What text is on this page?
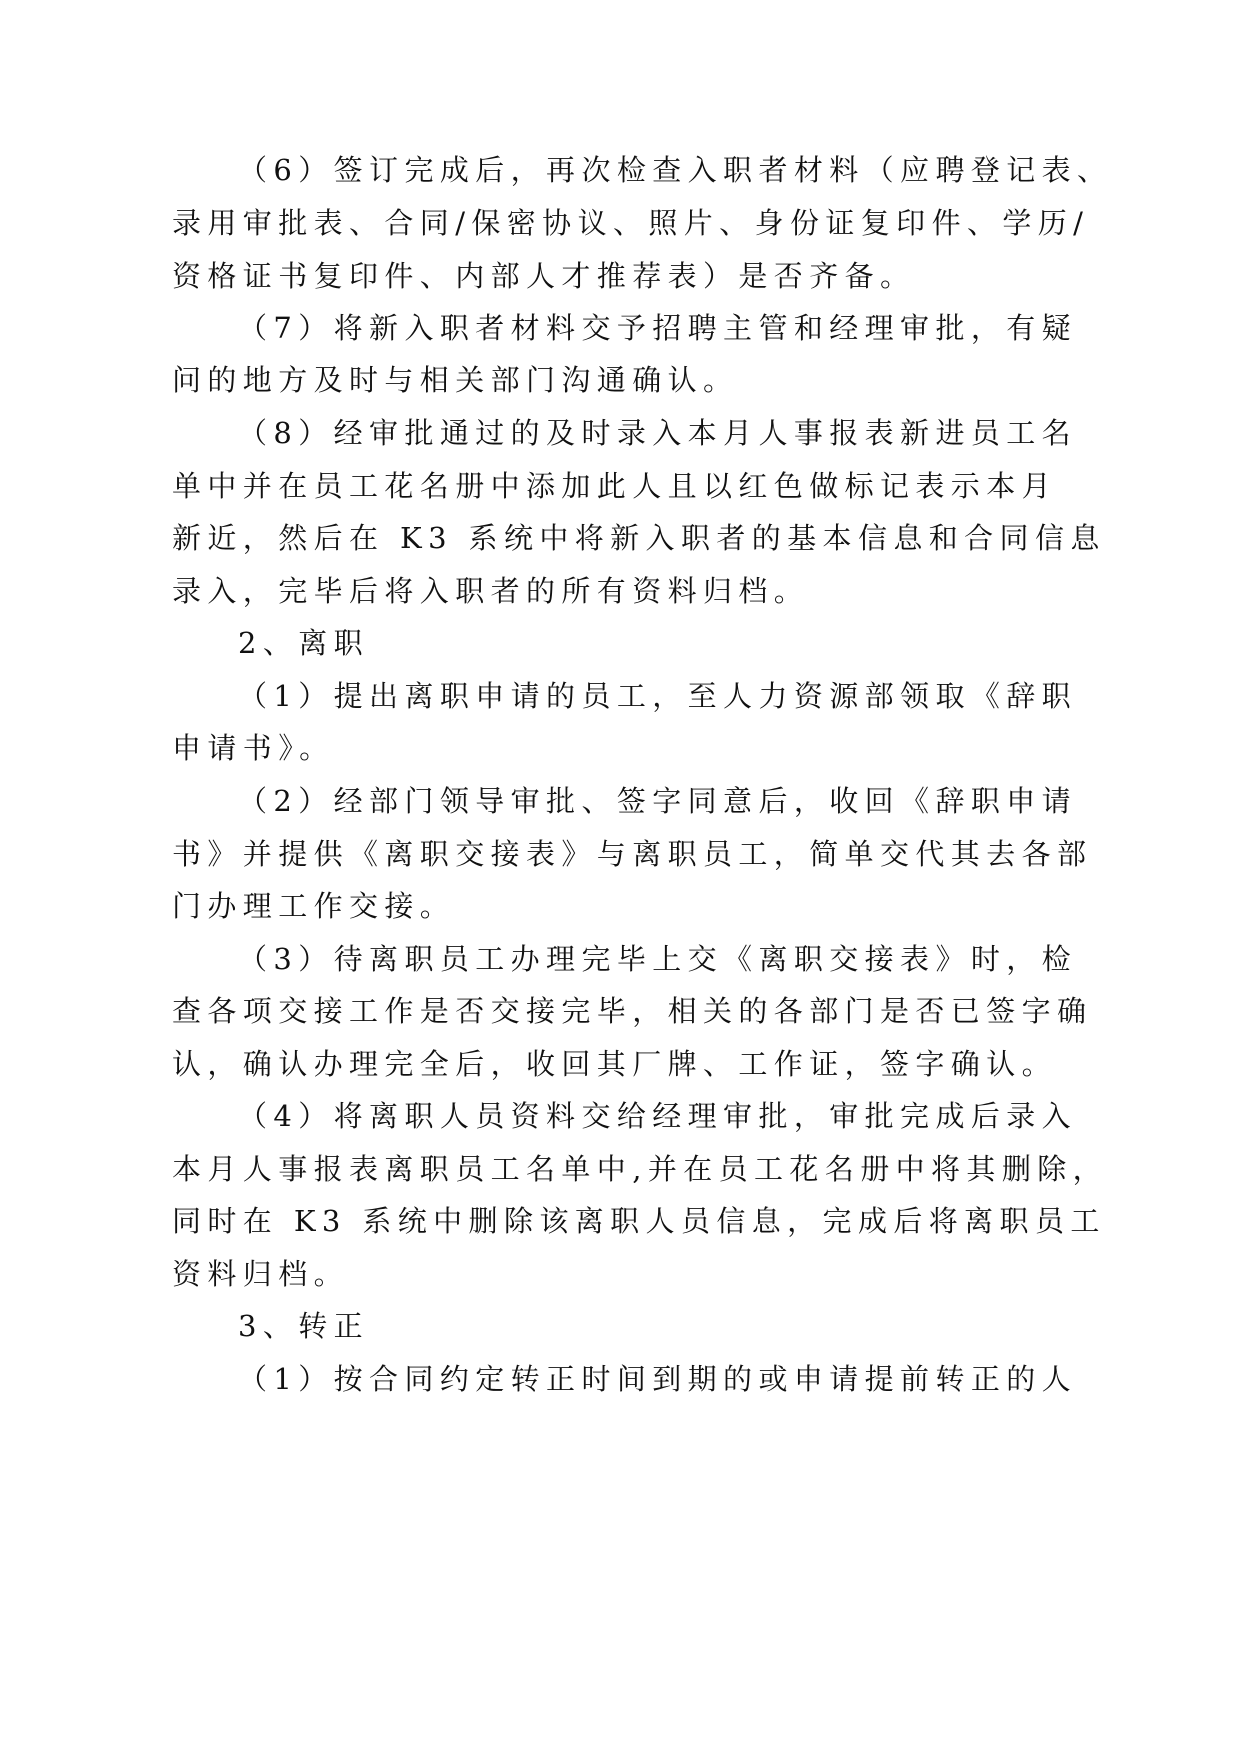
（6）签订完成后，再次检查入职者材料（应聘登记表、
录用审批表、合同/保密协议、照片、身份证复印件、学历/
资格证书复印件、内部人才推荐表）是否齐备。
（7）将新入职者材料交予招聘主管和经理审批，有疑
问的地方及时与相关部门沟通确认。
（8）经审批通过的及时录入本月人事报表新进员工名
单中并在员工花名册中添加此人且以红色做标记表示本月
新近，然后在 K3 系统中将新入职者的基本信息和合同信息
录入，完毕后将入职者的所有资料归档。
2、离职
（1）提出离职申请的员工，至人力资源部领取《辞职
申请书》。
（2）经部门领导审批、签字同意后，收回《辞职申请
书》并提供《离职交接表》与离职员工，简单交代其去各部
门办理工作交接。
（3）待离职员工办理完毕上交《离职交接表》时，检
查各项交接工作是否交接完毕，相关的各部门是否已签字确
认，确认办理完全后，收回其厂牌、工作证，签字确认。
（4）将离职人员资料交给经理审批，审批完成后录入
本月人事报表离职员工名单中,并在员工花名册中将其删除，
同时在 K3 系统中删除该离职人员信息，完成后将离职员工
资料归档。
3、转正
（1）按合同约定转正时间到期的或申请提前转正的人
